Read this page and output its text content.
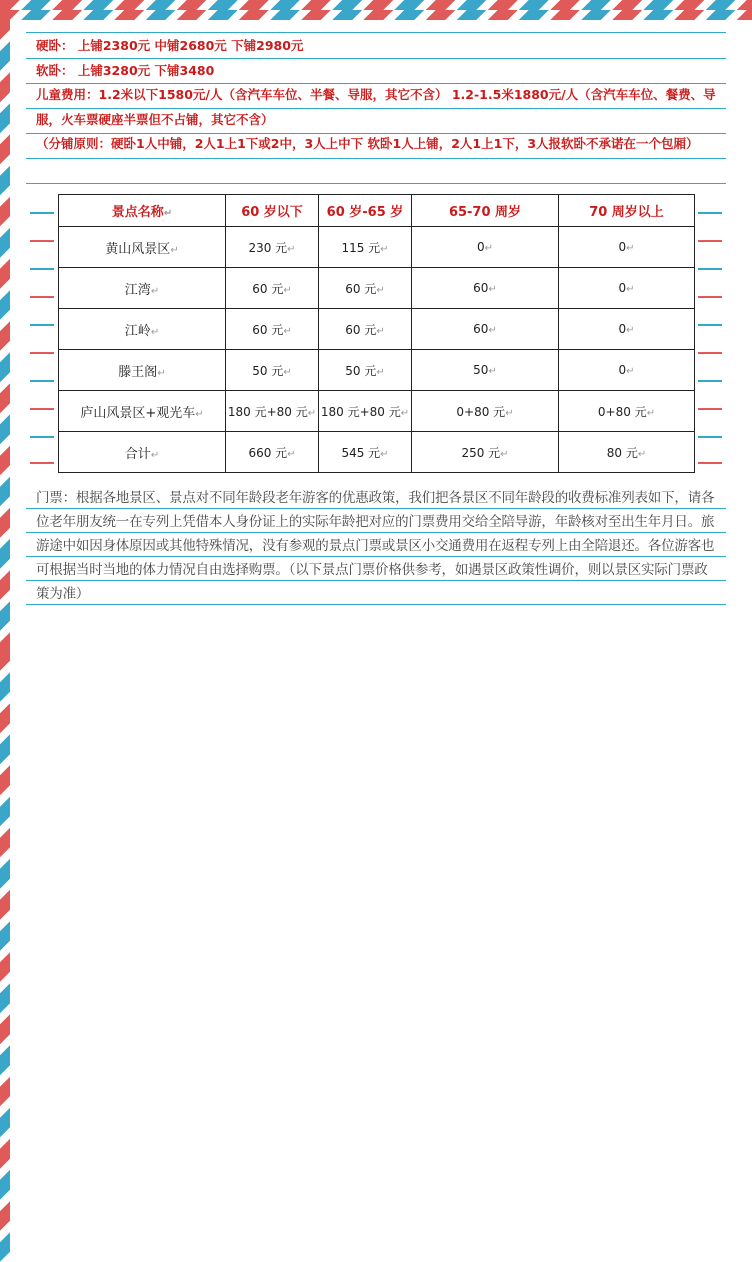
硬卧： 上铺2380元 中铺2680元 下铺2980元
软卧： 上铺3280元 下铺3480
儿童费用：1.2米以下1580元/人（含汽车车位、半餐、导服，其它不含） 1.2-1.5米1880元/人（含汽车车位、餐费、导服，火车票硬座半票但不占铺，其它不含）
（分铺原则：硬卧1人中铺，2人1上1下或2中，3人上中下 软卧1人上铺，2人1上1下，3人报软卧不承诺在一个包厢）
景点名称↵	60 岁以下	60 岁-65 岁	65-70 周岁	70 周岁以上
黄山风景区↵	230 元↵	115 元↵	0↵	0↵
江湾↵	60 元↵	60 元↵	60↵	0↵
江岭↵	60 元↵	60 元↵	60↵	0↵
滕王阁↵	50 元↵	50 元↵	50↵	0↵
庐山风景区+观光车↵	180 元+80 元↵	180 元+80 元↵	0+80 元↵	0+80 元↵
合计↵	660 元↵	545 元↵	250 元↵	80 元↵
门票：根据各地景区、景点对不同年龄段老年游客的优惠政策，我们把各景区不同年龄段的收费标准列表如下，请各位老年朋友统一在专列上凭借本人身份证上的实际年龄把对应的门票费用交给全陪导游，年龄核对至出生年月日。旅游途中如因身体原因或其他特殊情况，没有参观的景点门票或景区小交通费用在返程专列上由全陪退还。各位游客也可根据当时当地的体力情况自由选择购票。（以下景点门票价格供参考，如遇景区政策性调价，则以景区实际门票政策为准）
